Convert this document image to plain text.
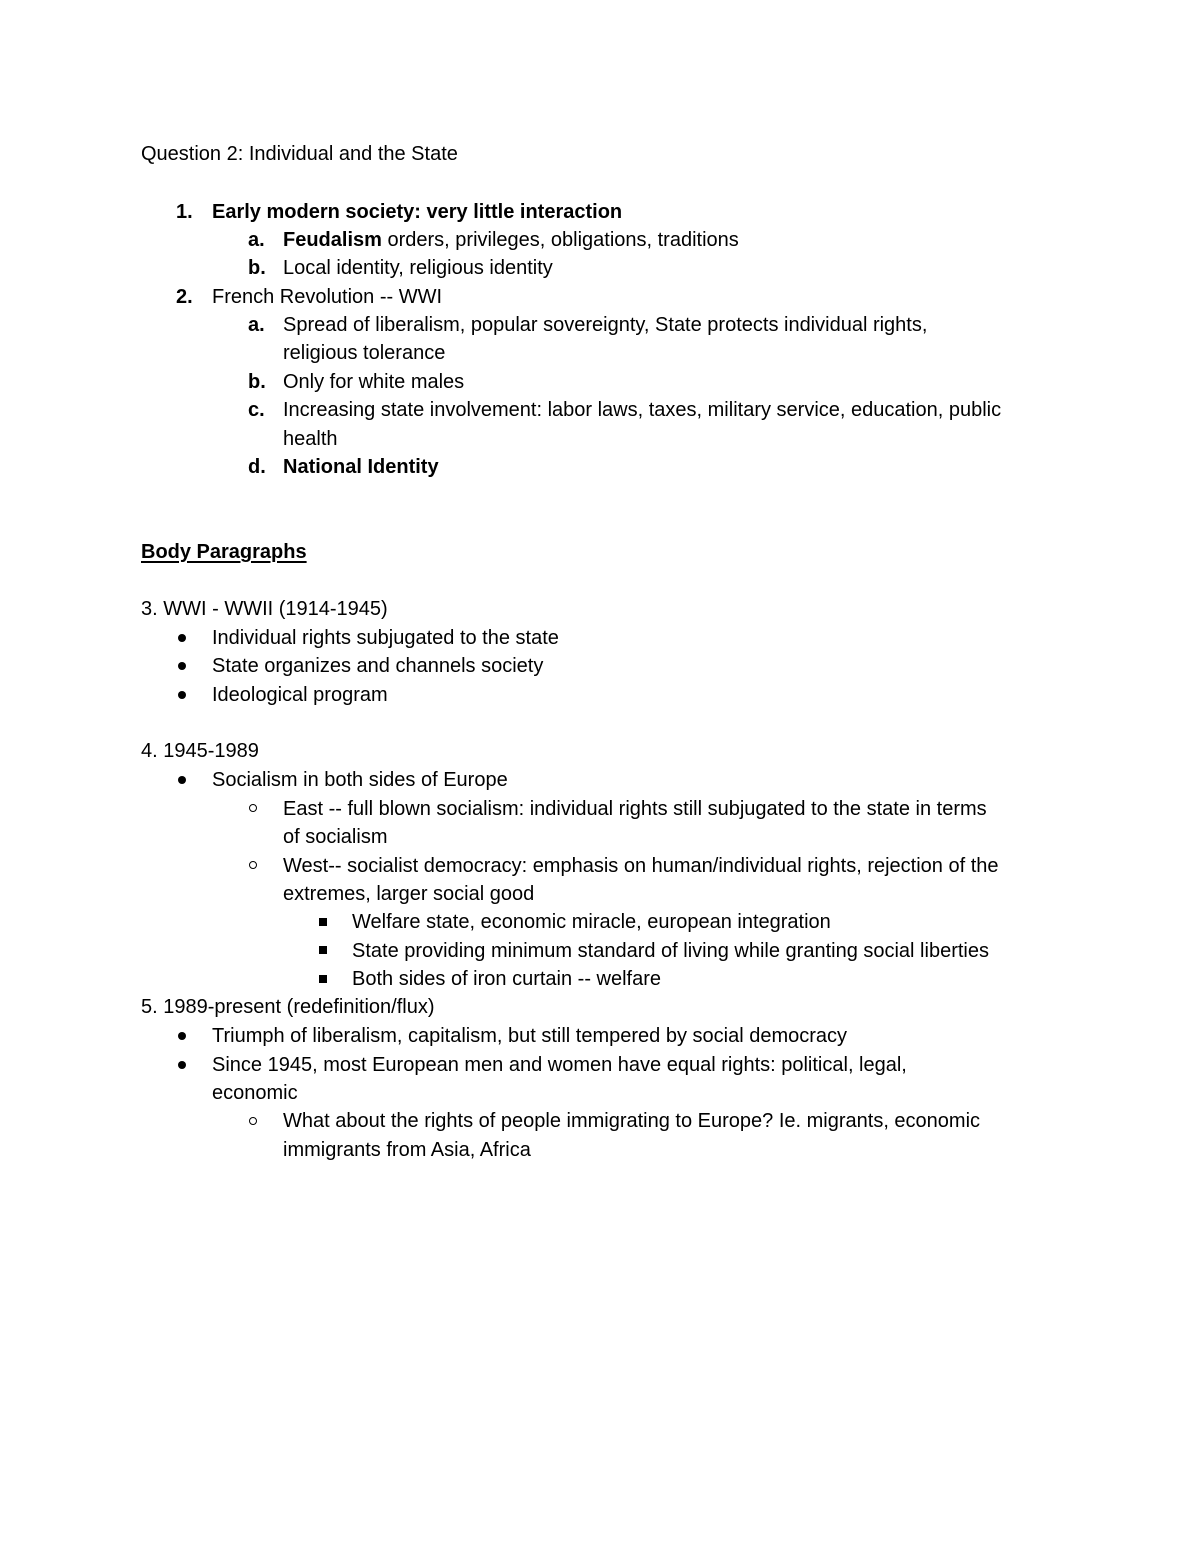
Question 2: Individual and the State
1. Early modern society: very little interaction
a. Feudalism orders, privileges, obligations, traditions
b. Local identity, religious identity
2. French Revolution -- WWI
a. Spread of liberalism, popular sovereignty, State protects individual rights,
religious tolerance
b. Only for white males
c. Increasing state involvement: labor laws, taxes, military service, education, public
health
d. National Identity
Body Paragraphs
3. WWI - WWII (1914-1945)
Individual rights subjugated to the state
State organizes and channels society
Ideological program
4. 1945-1989
Socialism in both sides of Europe
East -- full blown socialism: individual rights still subjugated to the state in terms
of socialism
West-- socialist democracy: emphasis on human/individual rights, rejection of the
extremes, larger social good
Welfare state, economic miracle, european integration
State providing minimum standard of living while granting social liberties
Both sides of iron curtain -- welfare
5. 1989-present (redefinition/flux)
Triumph of liberalism, capitalism, but still tempered by social democracy
Since 1945, most European men and women have equal rights: political, legal,
economic
What about the rights of people immigrating to Europe? Ie. migrants, economic
immigrants from Asia, Africa
